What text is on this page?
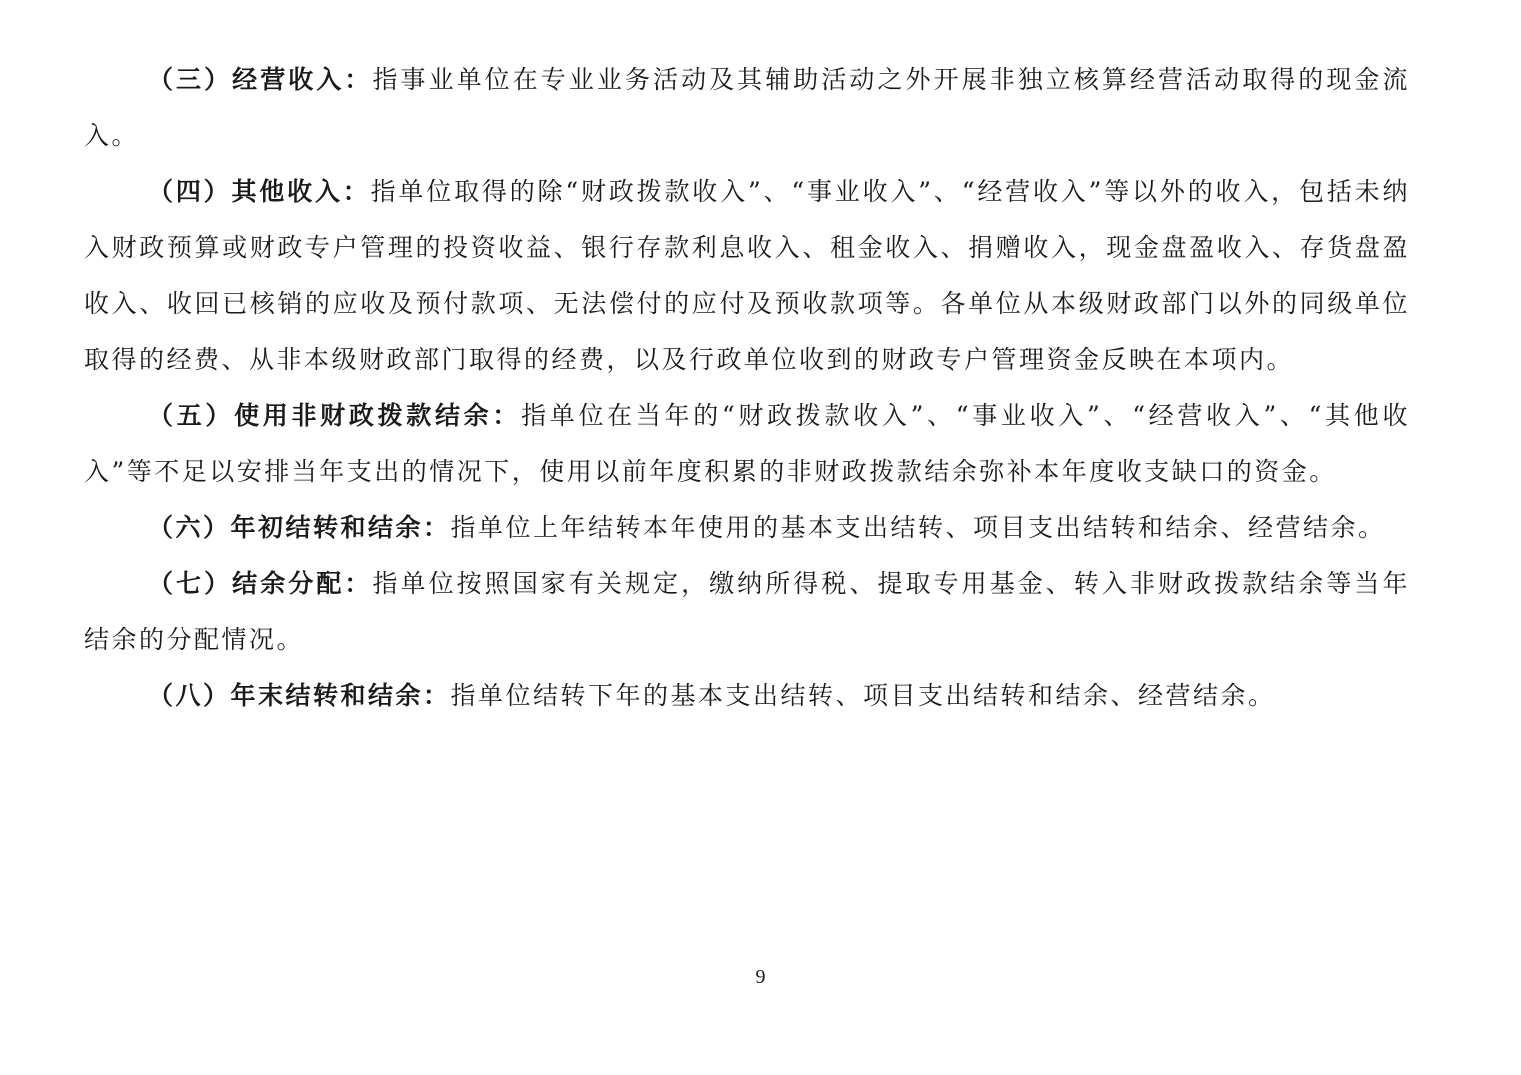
（三）经营收入：指事业单位在专业业务活动及其辅助活动之外开展非独立核算经营活动取得的现金流入。

（四）其他收入：指单位取得的除“财政拨款收入”、“事业收入”、“经营收入”等以外的收入，包括未纳入财政预算或财政专户管理的投资收益、银行存款利息收入、租金收入、捐赠收入，现金盘盈收入、存货盘盈收入、收回已核销的应收及预付款项、无法偿付的应付及预收款项等。各单位从本级财政部门以外的同级单位取得的经费、从非本级财政部门取得的经费，以及行政单位收到的财政专户管理资金反映在本项内。

（五）使用非财政拨款结余：指单位在当年的“财政拨款收入”、“事业收入”、“经营收入”、“其他收入”等不足以安排当年支出的情况下，使用以前年度积累的非财政拨款结余弥补本年度收支缺口的资金。

（六）年初结转和结余：指单位上年结转本年使用的基本支出结转、项目支出结转和结余、经营结余。

（七）结余分配：指单位按照国家有关规定，缴纳所得税、提取专用基金、转入非财政拨款结余等当年结余的分配情况。

（八）年末结转和结余：指单位结转下年的基本支出结转、项目支出结转和结余、经营结余。

9
